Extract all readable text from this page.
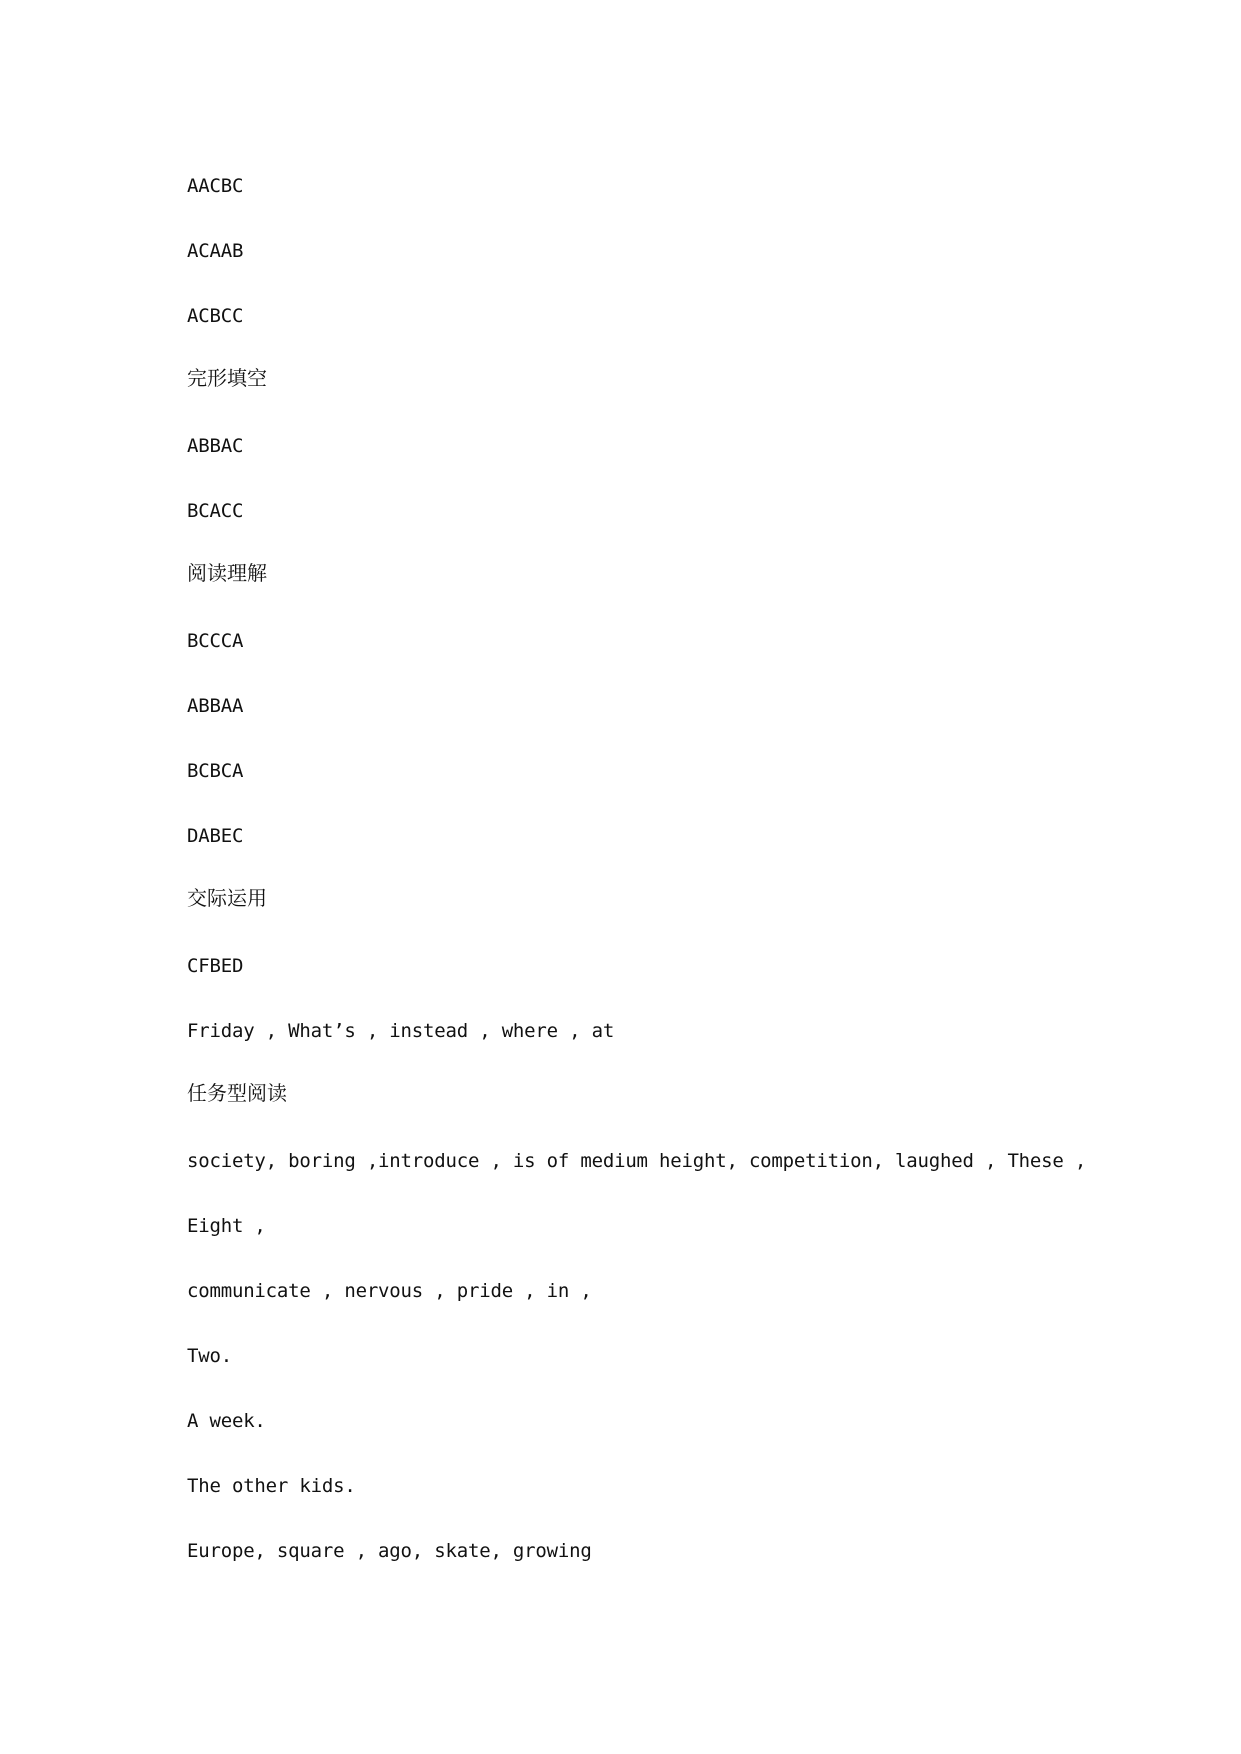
AACBC

ACAAB

ACBCC

完形填空

ABBAC

BCACC

阅读理解

BCCCA

ABBAA

BCBCA

DABEC

交际运用

CFBED

Friday , What’s , instead , where , at

任务型阅读

society, boring ,introduce , is of medium height, competition, laughed , These ,

Eight ,

communicate , nervous , pride , in ,

Two.

A week.

The other kids.

Europe, square , ago, skate, growing
